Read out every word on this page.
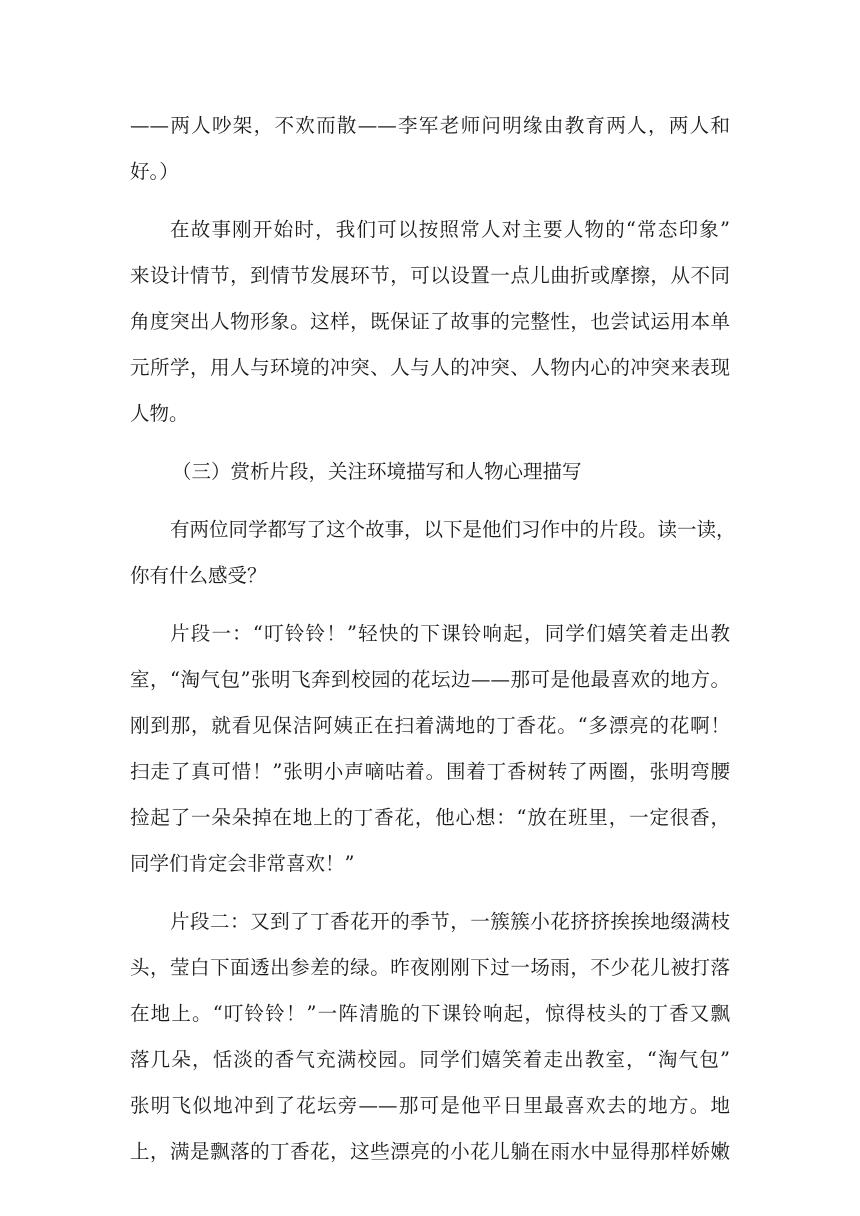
——两人吵架，不欢而散——李军老师问明缘由教育两人，两人和
好。）

在故事刚开始时，我们可以按照常人对主要人物的“常态印象”
来设计情节，到情节发展环节，可以设置一点儿曲折或摩擦，从不同
角度突出人物形象。这样，既保证了故事的完整性，也尝试运用本单
元所学，用人与环境的冲突、人与人的冲突、人物内心的冲突来表现
人物。

（三）赏析片段，关注环境描写和人物心理描写

有两位同学都写了这个故事，以下是他们习作中的片段。读一读，
你有什么感受？

片段一：“叮铃铃！”轻快的下课铃响起，同学们嬉笑着走出教
室，“淘气包”张明飞奔到校园的花坛边——那可是他最喜欢的地方。
刚到那，就看见保洁阿姨正在扫着满地的丁香花。“多漂亮的花啊！
扫走了真可惜！”张明小声嘀咕着。围着丁香树转了两圈，张明弯腰
捡起了一朵朵掉在地上的丁香花，他心想：“放在班里，一定很香，
同学们肯定会非常喜欢！”

片段二：又到了丁香花开的季节，一簇簇小花挤挤挨挨地缀满枝
头，莹白下面透出参差的绿。昨夜刚刚下过一场雨，不少花儿被打落
在地上。“叮铃铃！”一阵清脆的下课铃响起，惊得枝头的丁香又飘
落几朵，恬淡的香气充满校园。同学们嬉笑着走出教室，“淘气包”
张明飞似地冲到了花坛旁——那可是他平日里最喜欢去的地方。地
上，满是飘落的丁香花，这些漂亮的小花儿躺在雨水中显得那样娇嫩
